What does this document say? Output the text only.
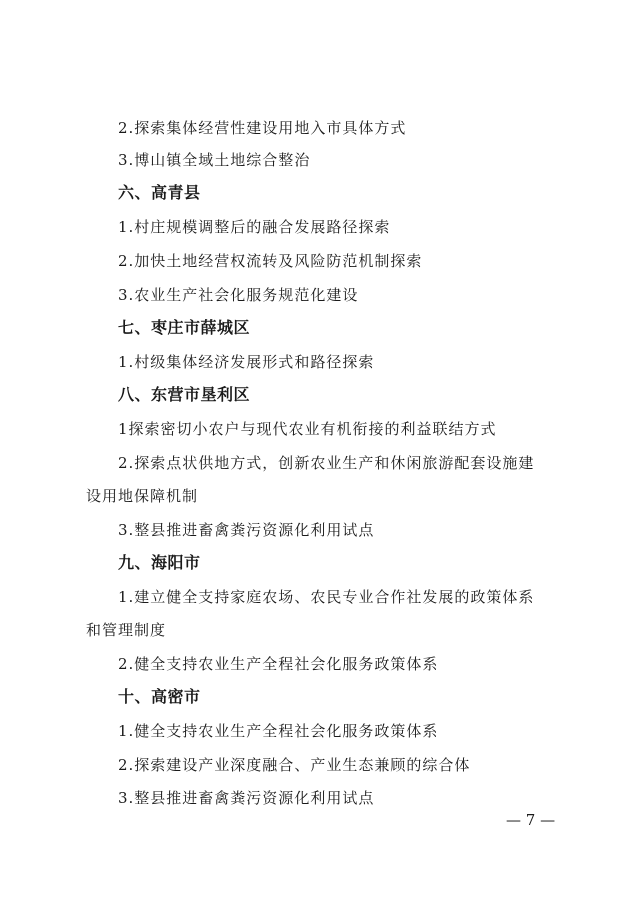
2.探索集体经营性建设用地入市具体方式
3.博山镇全域土地综合整治
六、高青县
1.村庄规模调整后的融合发展路径探索
2.加快土地经营权流转及风险防范机制探索
3.农业生产社会化服务规范化建设
七、枣庄市薛城区
1.村级集体经济发展形式和路径探索
八、东营市垦利区
1探索密切小农户与现代农业有机衔接的利益联结方式
2.探索点状供地方式，创新农业生产和休闲旅游配套设施建
设用地保障机制
3.整县推进畜禽粪污资源化利用试点
九、海阳市
1.建立健全支持家庭农场、农民专业合作社发展的政策体系
和管理制度
2.健全支持农业生产全程社会化服务政策体系
十、高密市
1.健全支持农业生产全程社会化服务政策体系
2.探索建设产业深度融合、产业生态兼顾的综合体
3.整县推进畜禽粪污资源化利用试点
— 7 —
